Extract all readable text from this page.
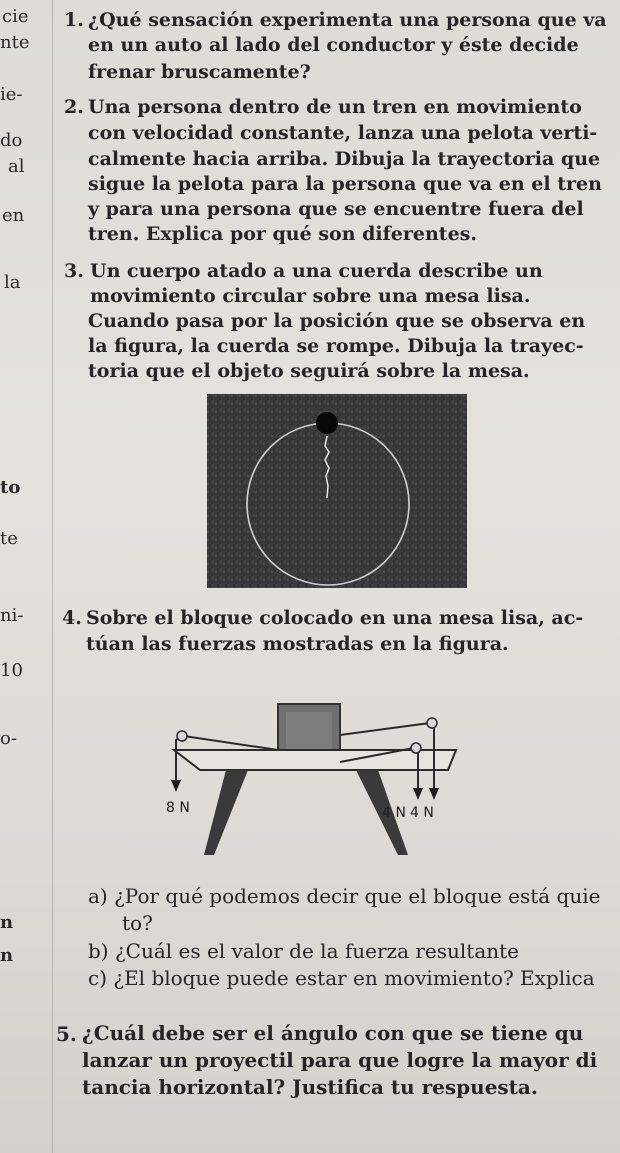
cie
nte
ie-
do
al
en
la
to
te
ni-
10
o-
n
n
1. ¿Qué sensación experimenta una persona que va
en un auto al lado del conductor y éste decide
frenar bruscamente?
2. Una persona dentro de un tren en movimiento
con velocidad constante, lanza una pelota verti-
calmente hacia arriba. Dibuja la trayectoria que
sigue la pelota para la persona que va en el tren
y para una persona que se encuentre fuera del
tren. Explica por qué son diferentes.
3. Un cuerpo atado a una cuerda describe un
movimiento circular sobre una mesa lisa.
Cuando pasa por la posición que se observa en
la figura, la cuerda se rompe. Dibuja la trayec-
toria que el objeto seguirá sobre la mesa.
4. Sobre el bloque colocado en una mesa lisa, ac-
túan las fuerzas mostradas en la figura.
8 N	4 N 4 N
a) ¿Por qué podemos decir que el bloque está quie
to?
b) ¿Cuál es el valor de la fuerza resultante
c) ¿El bloque puede estar en movimiento? Explica
5. ¿Cuál debe ser el ángulo con que se tiene qu
lanzar un proyectil para que logre la mayor di
tancia horizontal? Justifica tu respuesta.
